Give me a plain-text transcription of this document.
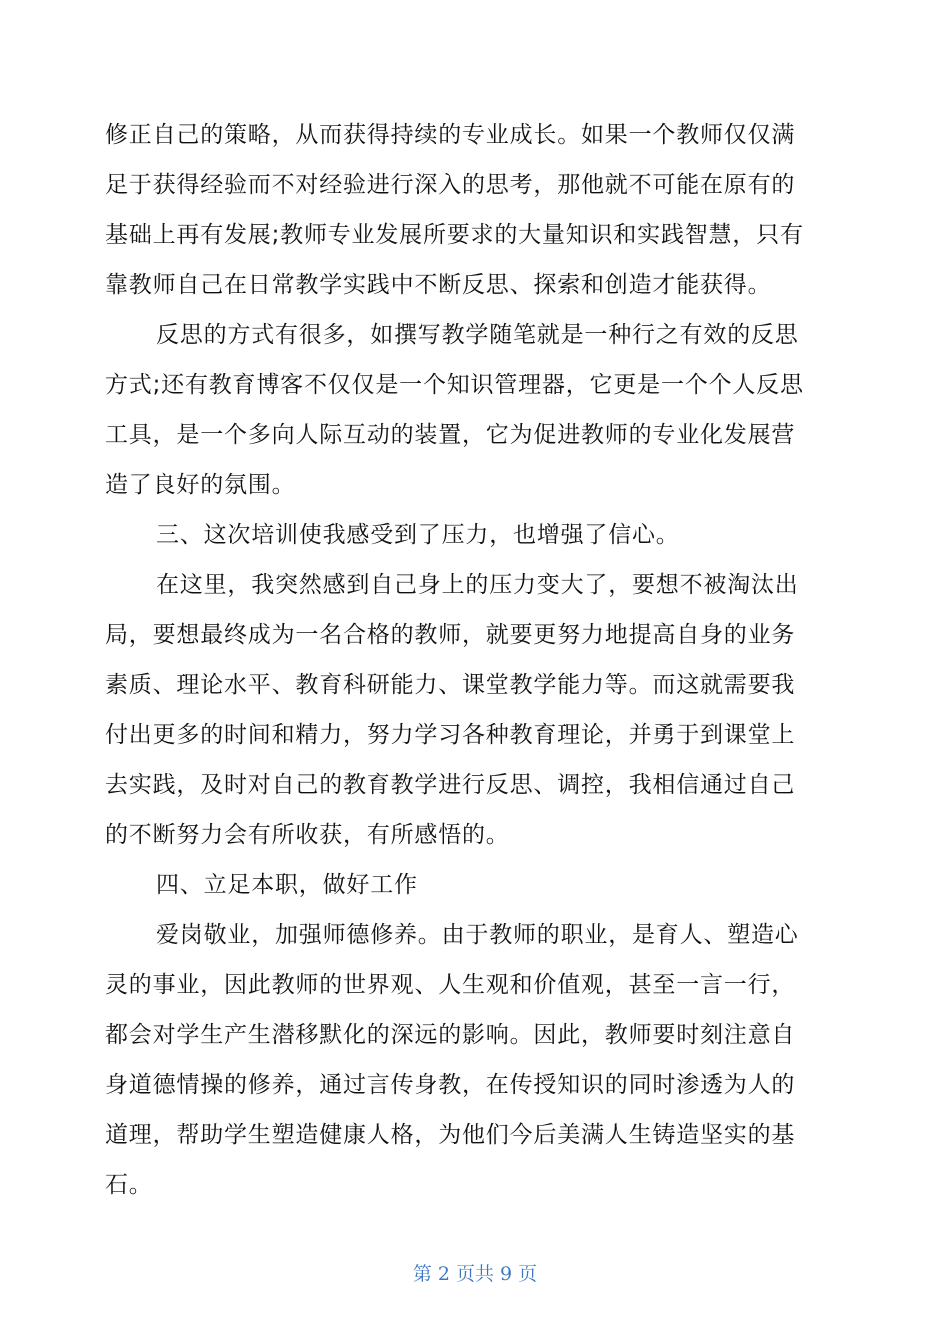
修正自己的策略，从而获得持续的专业成长。如果一个教师仅仅满
足于获得经验而不对经验进行深入的思考，那他就不可能在原有的
基础上再有发展;教师专业发展所要求的大量知识和实践智慧，只有
靠教师自己在日常教学实践中不断反思、探索和创造才能获得。

反思的方式有很多，如撰写教学随笔就是一种行之有效的反思
方式;还有教育博客不仅仅是一个知识管理器，它更是一个个人反思
工具，是一个多向人际互动的装置，它为促进教师的专业化发展营
造了良好的氛围。

三、这次培训使我感受到了压力，也增强了信心。

在这里，我突然感到自己身上的压力变大了，要想不被淘汰出
局，要想最终成为一名合格的教师，就要更努力地提高自身的业务
素质、理论水平、教育科研能力、课堂教学能力等。而这就需要我
付出更多的时间和精力，努力学习各种教育理论，并勇于到课堂上
去实践，及时对自己的教育教学进行反思、调控，我相信通过自己
的不断努力会有所收获，有所感悟的。

四、立足本职，做好工作

爱岗敬业，加强师德修养。由于教师的职业，是育人、塑造心
灵的事业，因此教师的世界观、人生观和价值观，甚至一言一行，
都会对学生产生潜移默化的深远的影响。因此，教师要时刻注意自
身道德情操的修养，通过言传身教，在传授知识的同时渗透为人的
道理，帮助学生塑造健康人格，为他们今后美满人生铸造坚实的基
石。

第 2 页共 9 页
